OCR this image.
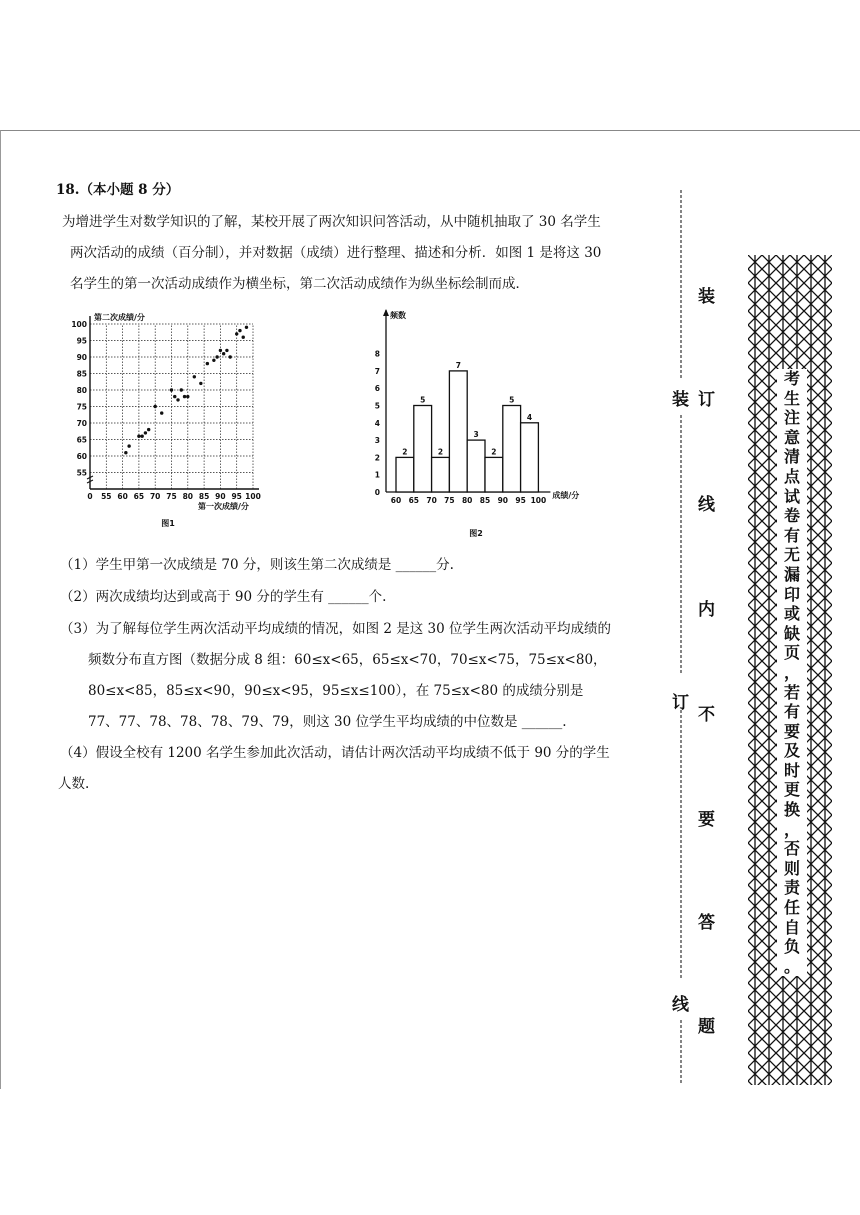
18.（本小题 8 分）
为增进学生对数学知识的了解，某校开展了两次知识问答活动，从中随机抽取了 30 名学生
两次活动的成绩（百分制），并对数据（成绩）进行整理、描述和分析．如图 1 是将这 30
名学生的第一次活动成绩作为横坐标，第二次活动成绩作为纵坐标绘制而成．
第二次成绩/分
第一次成绩/分
55
60
65
70
75
80
85
90
95
100
0 55 60 65 70 75 80 85 90 95 100
图1
频数
成绩/分
0
1
2
3
4
5
6
7
8
2
5
2
7
3
2
5
4
60 65 70 75 80 85 90 95 100
图2
（1）学生甲第一次成绩是 70 分，则该生第二次成绩是 ______分.
（2）两次成绩均达到或高于 90 分的学生有 ______个.
（3）为了解每位学生两次活动平均成绩的情况，如图 2 是这 30 位学生两次活动平均成绩的
频数分布直方图（数据分成 8 组：60≤x<65，65≤x<70，70≤x<75，75≤x<80，
80≤x<85，85≤x<90，90≤x<95，95≤x≤100），在 75≤x<80 的成绩分别是
77、77、78、78、78、79、79，则这 30 位学生平均成绩的中位数是 ______.
（4）假设全校有 1200 名学生参加此次活动，请估计两次活动平均成绩不低于 90 分的学生
人数.
装
订
线
装
订
线
内
不
要
答
题
考
生
注
意
清
点
试
卷
有
无
漏
印
或
缺
页
，
若
有
要
及
时
更
换
，
否
则
责
任
自
负
。
